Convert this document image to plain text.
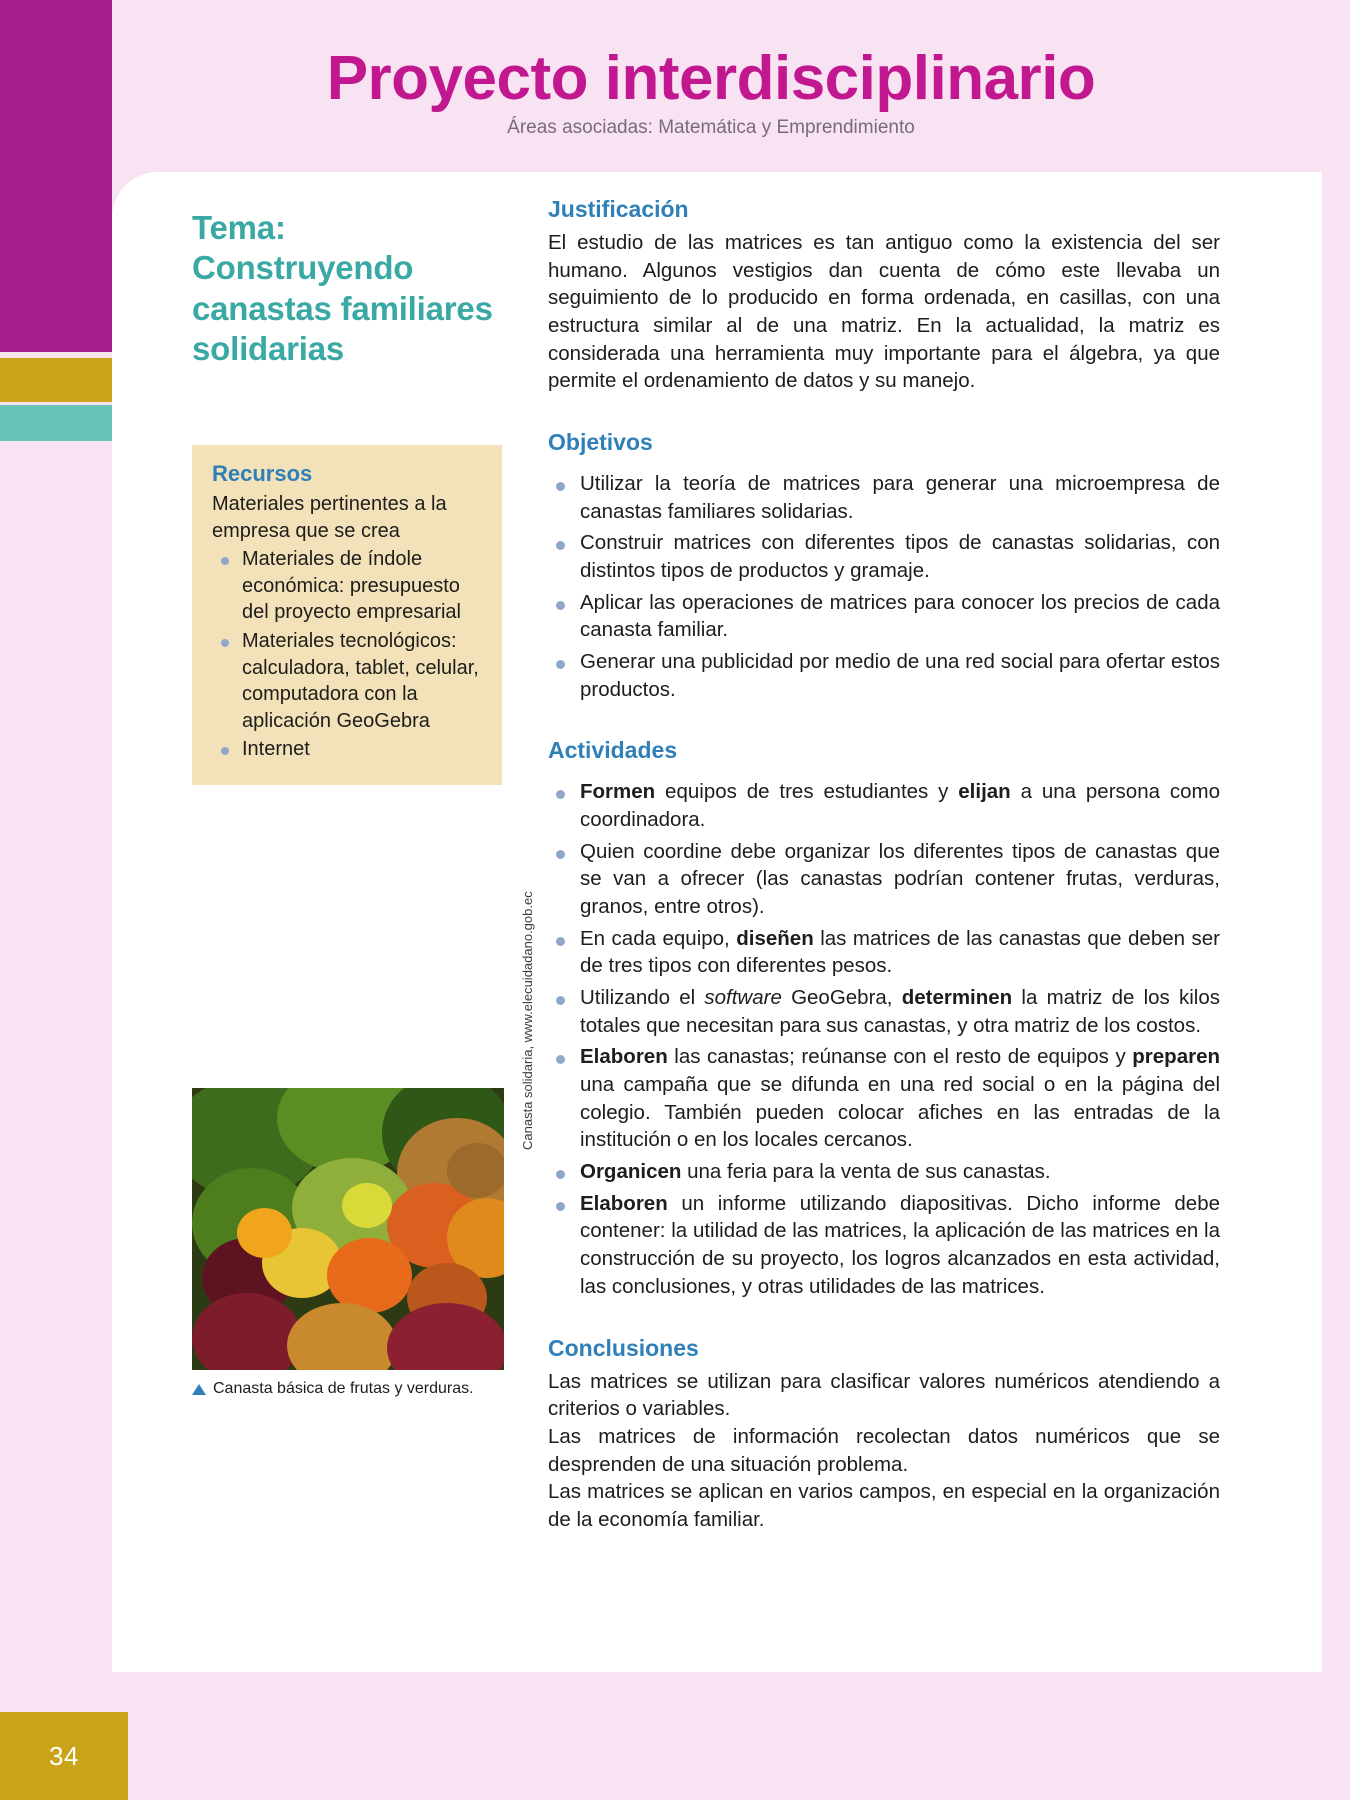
Proyecto interdisciplinario
Áreas asociadas: Matemática y Emprendimiento
Tema: Construyendo canastas familiares solidarias
Recursos
Materiales pertinentes a la empresa que se crea
Materiales de índole económica: presupuesto del proyecto empresarial
Materiales tecnológicos: calculadora, tablet, celular, computadora con la aplicación GeoGebra
Internet
Canasta básica de frutas y verduras.
Canasta solidaria, www.elecuidadano.gob.ec
Justificación

El estudio de las matrices es tan antiguo como la existencia del ser humano. Algunos vestigios dan cuenta de cómo este llevaba un seguimiento de lo producido en forma ordenada, en casillas, con una estructura similar al de una matriz. En la actualidad, la matriz es considerada una herramienta muy importante para el álgebra, ya que permite el ordenamiento de datos y su manejo.

Objetivos
Utilizar la teoría de matrices para generar una microempresa de canastas familiares solidarias.
Construir matrices con diferentes tipos de canastas solidarias, con distintos tipos de productos y gramaje.
Aplicar las operaciones de matrices para conocer los precios de cada canasta familiar.
Generar una publicidad por medio de una red social para ofertar estos productos.
Actividades
Formen equipos de tres estudiantes y elijan a una persona como coordinadora.
Quien coordine debe organizar los diferentes tipos de canastas que se van a ofrecer (las canastas podrían contener frutas, verduras, granos, entre otros).
En cada equipo, diseñen las matrices de las canastas que deben ser de tres tipos con diferentes pesos.
Utilizando el software GeoGebra, determinen la matriz de los kilos totales que necesitan para sus canastas, y otra matriz de los costos.
Elaboren las canastas; reúnanse con el resto de equipos y preparen una campaña que se difunda en una red social o en la página del colegio. También pueden colocar afiches en las entradas de la institución o en los locales cercanos.
Organicen una feria para la venta de sus canastas.
Elaboren un informe utilizando diapositivas. Dicho informe debe contener: la utilidad de las matrices, la aplicación de las matrices en la construcción de su proyecto, los logros alcanzados en esta actividad, las conclusiones, y otras utilidades de las matrices.
Conclusiones

Las matrices se utilizan para clasificar valores numéricos atendiendo a criterios o variables.

Las matrices de información recolectan datos numéricos que se desprenden de una situación problema.

Las matrices se aplican en varios campos, en especial en la organización de la economía familiar.

34
